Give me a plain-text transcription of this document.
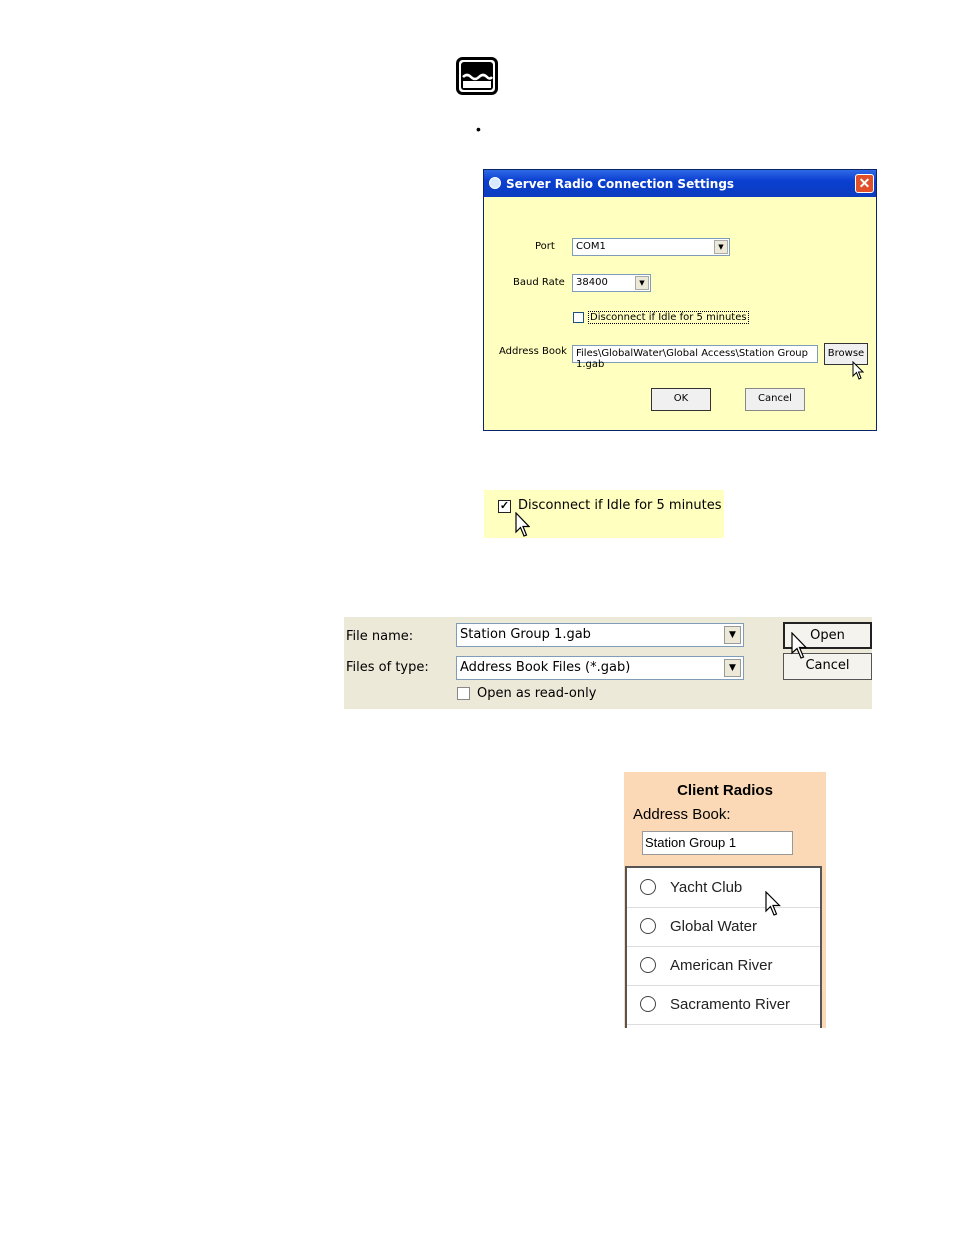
•
Server Radio Connection Settings	✕
Port	COM1	▼
Baud Rate	38400	▼
Disconnect if Idle for 5 minutes
Address Book Files\GlobalWater\Global Access\Station Group 1.gab
Browse
OK	Cancel
✓ Disconnect if Idle for 5 minutes
File name:	Station Group 1.gab	▼
Files of type:	Address Book Files (*.gab)	▼
Open as read-only
Open
Cancel
Client Radios
Address Book:
Station Group 1
Yacht Club
Global Water
American River
Sacramento River
